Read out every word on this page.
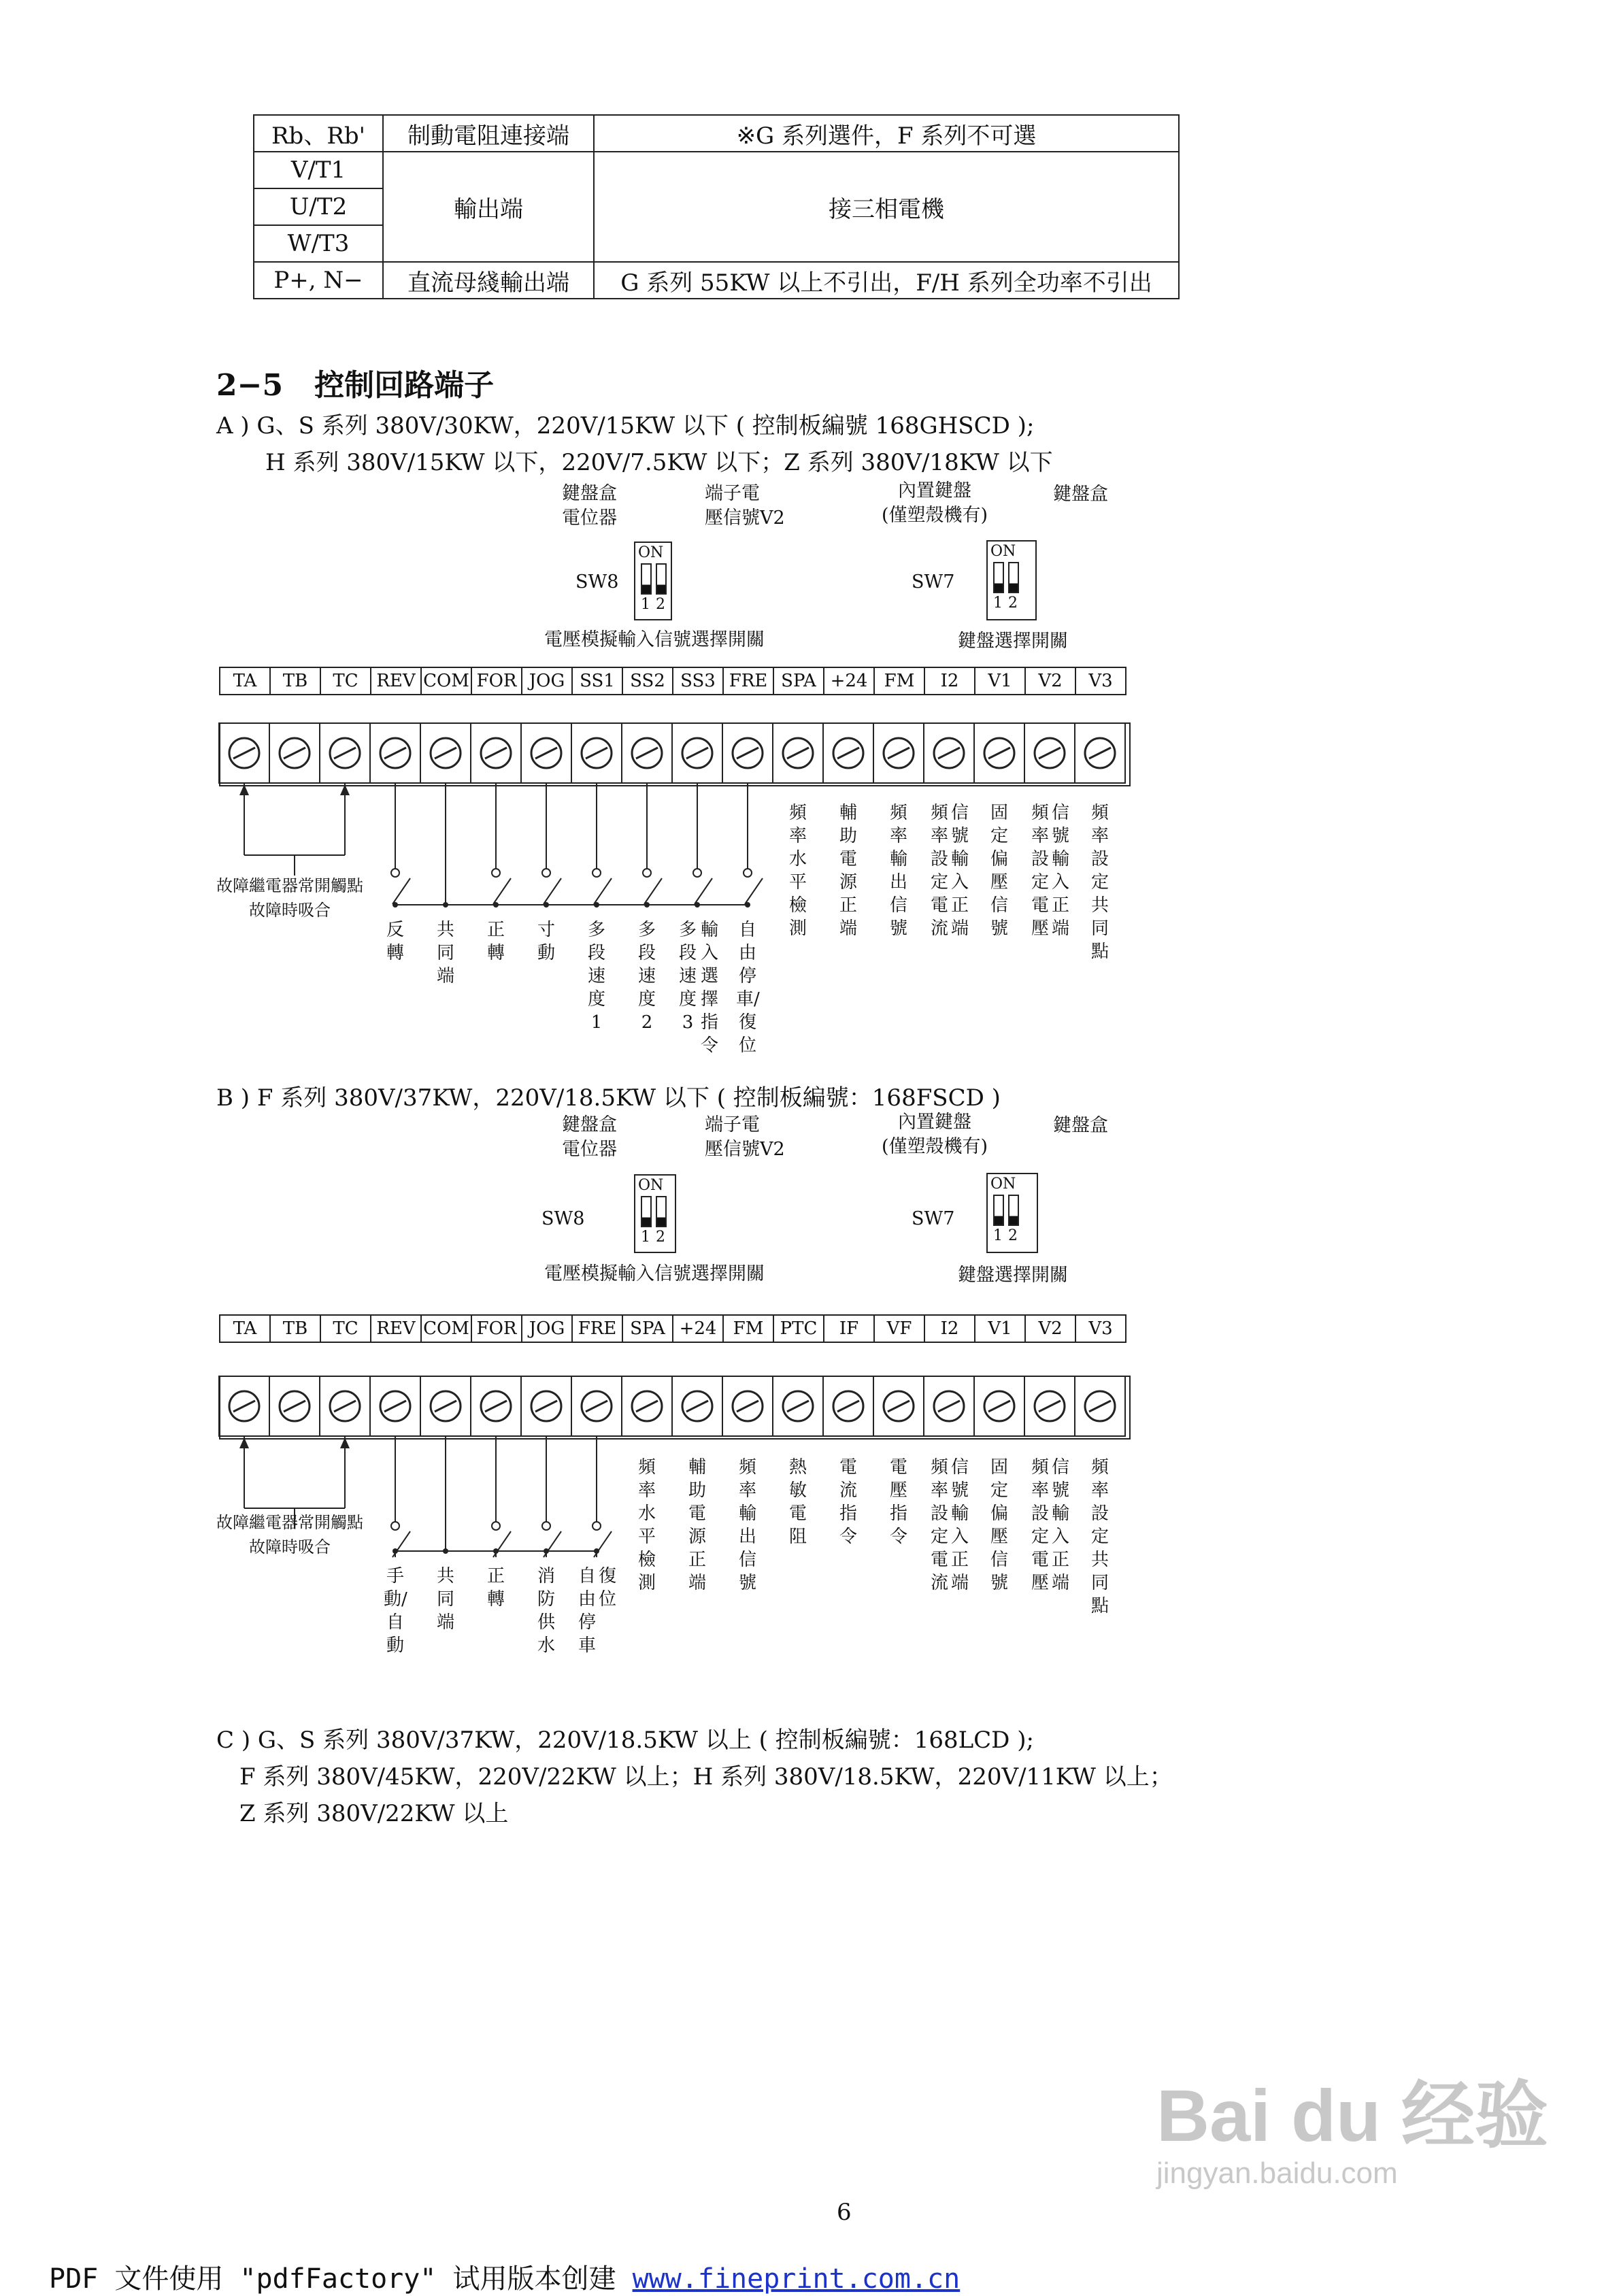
Rb、Rb'	制動電阻連接端	※G 系列選件，F 系列不可選
V/T1	輸出端	接三相電機
U/T2		
W/T3		
P+, N−	直流母綫輸出端	G 系列 55KW 以上不引出，F/H 系列全功率不引出
2−5 控制回路端子
A ) G、S 系列 380V/30KW，220V/15KW 以下 ( 控制板編號 168GHSCD );
H 系列 380V/15KW 以下，220V/7.5KW 以下；Z 系列 380V/18KW 以下
鍵盤盒
電位器
端子電
壓信號V2
SW8
ON
1 2
電壓模擬輸入信號選擇開關
內置鍵盤
(僅塑殼機有)
鍵盤盒
SW7
ON
1 2
鍵盤選擇開關
TA	TB	TC	REV COM FOR JOG SS1 SS2 SS3 FRE SPA +24 FM	I2	V1	V2	V3
故障繼電器常開觸點
故障時吸合
反轉
共同端
正轉
寸動
多段速度1
多段速度2
多段速度3
輸入選擇指令
自由停車/復位
頻率水平檢測
輔助電源正端
頻率輸出信號
頻率設定電流
信號輸入正端
固定偏壓信號
頻率設定電壓
信號輸入正端
頻率設定共同點
B ) F 系列 380V/37KW，220V/18.5KW 以下 ( 控制板編號：168FSCD )
鍵盤盒
電位器
端子電
壓信號V2
SW8
ON
1 2
電壓模擬輸入信號選擇開關
內置鍵盤
(僅塑殼機有)
鍵盤盒
SW7
ON
1 2
鍵盤選擇開關
TA	TB	TC	REV COM FOR JOG FRE SPA +24 FM PTC	IF	VF	I2	V1	V2	V3
故障繼電器常開觸點
故障時吸合
手動/自動
共同端
正轉
消防供水
自由停車
復位
頻率水平檢測
輔助電源正端
頻率輸出信號
熱敏電阻
電流指令
電壓指令
頻率設定電流
信號輸入正端
固定偏壓信號
頻率設定電壓
信號輸入正端
頻率設定共同點
C ) G、S 系列 380V/37KW，220V/18.5KW 以上 ( 控制板編號：168LCD );
F 系列 380V/45KW，220V/22KW 以上；H 系列 380V/18.5KW，220V/11KW 以上；
Z 系列 380V/22KW 以上
6
Bai du 经验
jingyan.baidu.com
PDF 文件使用 "pdfFactory" 试用版本创建 www.fineprint.com.cn
